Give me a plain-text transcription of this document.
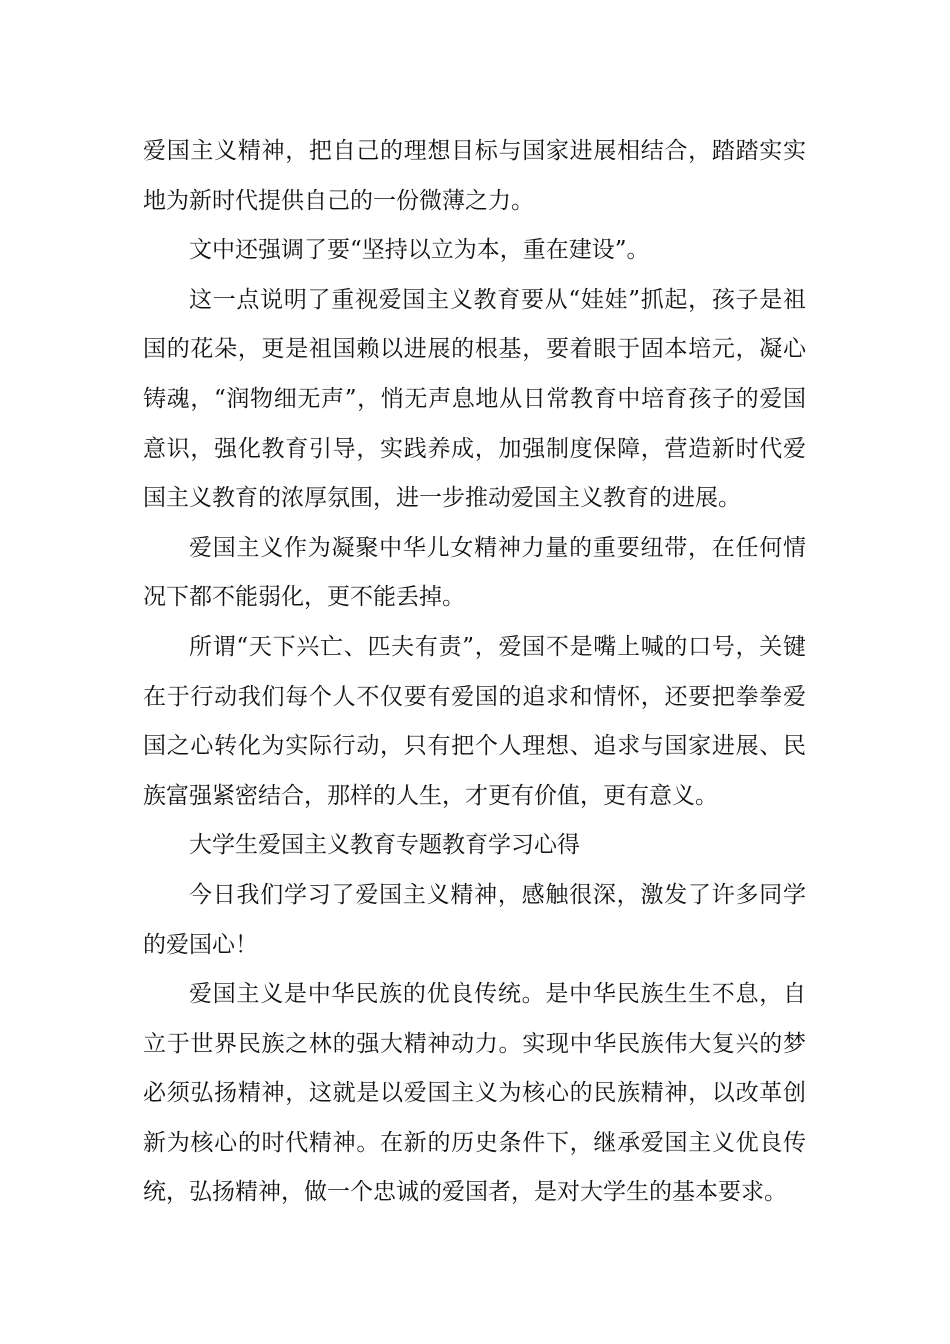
爱国主义精神，把自己的理想目标与国家进展相结合，踏踏实实地为新时代提供自己的一份微薄之力。

文中还强调了要“坚持以立为本，重在建设”。

这一点说明了重视爱国主义教育要从“娃娃”抓起，孩子是祖国的花朵，更是祖国赖以进展的根基，要着眼于固本培元，凝心铸魂，“润物细无声”，悄无声息地从日常教育中培育孩子的爱国意识，强化教育引导，实践养成，加强制度保障，营造新时代爱国主义教育的浓厚氛围，进一步推动爱国主义教育的进展。

爱国主义作为凝聚中华儿女精神力量的重要纽带，在任何情况下都不能弱化，更不能丢掉。

所谓“天下兴亡、匹夫有责”，爱国不是嘴上喊的口号，关键在于行动我们每个人不仅要有爱国的追求和情怀，还要把拳拳爱国之心转化为实际行动，只有把个人理想、追求与国家进展、民族富强紧密结合，那样的人生，才更有价值，更有意义。

大学生爱国主义教育专题教育学习心得

今日我们学习了爱国主义精神，感触很深，激发了许多同学的爱国心！

爱国主义是中华民族的优良传统。是中华民族生生不息，自立于世界民族之林的强大精神动力。实现中华民族伟大复兴的梦必须弘扬精神，这就是以爱国主义为核心的民族精神，以改革创新为核心的时代精神。在新的历史条件下，继承爱国主义优良传统，弘扬精神，做一个忠诚的爱国者，是对大学生的基本要求。
